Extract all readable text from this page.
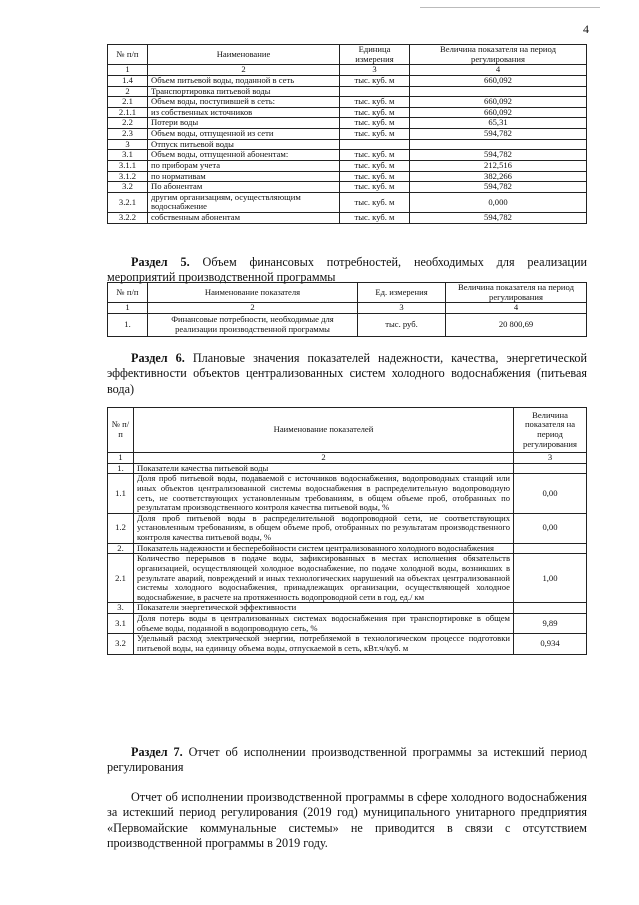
4
№ п/п	Наименование	Единица измерения	Величина показателя на период регулирования
1	2	3	4
1.4	Объем питьевой воды, поданной в сеть	тыс. куб. м	660,092
2	Транспортировка питьевой воды		
2.1	Объем воды, поступившей в сеть:	тыс. куб. м	660,092
2.1.1	из собственных источников	тыс. куб. м	660,092
2.2	Потери воды	тыс. куб. м	65,31
2.3	Объем воды, отпущенной из сети	тыс. куб. м	594,782
3	Отпуск питьевой воды		
3.1	Объем воды, отпущенной абонентам:	тыс. куб. м	594,782
3.1.1	по приборам учета	тыс. куб. м	212,516
3.1.2	по нормативам	тыс. куб. м	382,266
3.2	По абонентам	тыс. куб. м	594,782
3.2.1	другим организациям, осуществляющим водоснабжение	тыс. куб. м	0,000
3.2.2	собственным абонентам	тыс. куб. м	594,782
Раздел 5. Объем финансовых потребностей, необходимых для реализации мероприятий производственной программы
№ п/п	Наименование показателя	Ед. измерения	Величина показателя на период регулирования
1	2	3	4
1.	Финансовые потребности, необходимые для реализации производственной программы	тыс. руб.	20 800,69
Раздел 6. Плановые значения показателей надежности, качества, энергетической эффективности объектов централизованных систем холодного водоснабжения (питьевая вода)
№ п/п	Наименование показателей	Величина показателя на период регулирования
1	2	3
1.	Показатели качества питьевой воды	
1.1	Доля проб питьевой воды, подаваемой с источников водоснабжения, водопроводных станций или иных объектов централизованной системы водоснабжения в распределительную водопроводную сеть, не соответствующих установленным требованиям, в общем объеме проб, отобранных по результатам производственного контроля качества питьевой воды, %	0,00
1.2	Доля проб питьевой воды в распределительной водопроводной сети, не соответствующих установленным требованиям, в общем объеме проб, отобранных по результатам производственного контроля качества питьевой воды, %	0,00
2.	Показатель надежности и бесперебойности систем централизованного холодного водоснабжения	
2.1	Количество перерывов в подаче воды, зафиксированных в местах исполнения обязательств организацией, осуществляющей холодное водоснабжение, по подаче холодной воды, возникших в результате аварий, повреждений и иных технологических нарушений на объектах централизованной системы холодного водоснабжения, принадлежащих организации, осуществляющей холодное водоснабжение, в расчете на протяженность водопроводной сети в год, ед./ км	1,00
3.	Показатели энергетической эффективности	
3.1	Доля потерь воды в централизованных системах водоснабжения при транспортировке в общем объеме воды, поданной в водопроводную сеть, %	9,89
3.2	Удельный расход электрической энергии, потребляемой в технологическом процессе подготовки питьевой воды, на единицу объема воды, отпускаемой в сеть, кВт.ч/куб. м	0,934
Раздел 7. Отчет об исполнении производственной программы за истекший период регулирования
Отчет об исполнении производственной программы в сфере холодного водоснабжения за истекший период регулирования (2019 год) муниципального унитарного предприятия «Первомайские коммунальные системы» не приводится в связи с отсутствием производственной программы в 2019 году.
